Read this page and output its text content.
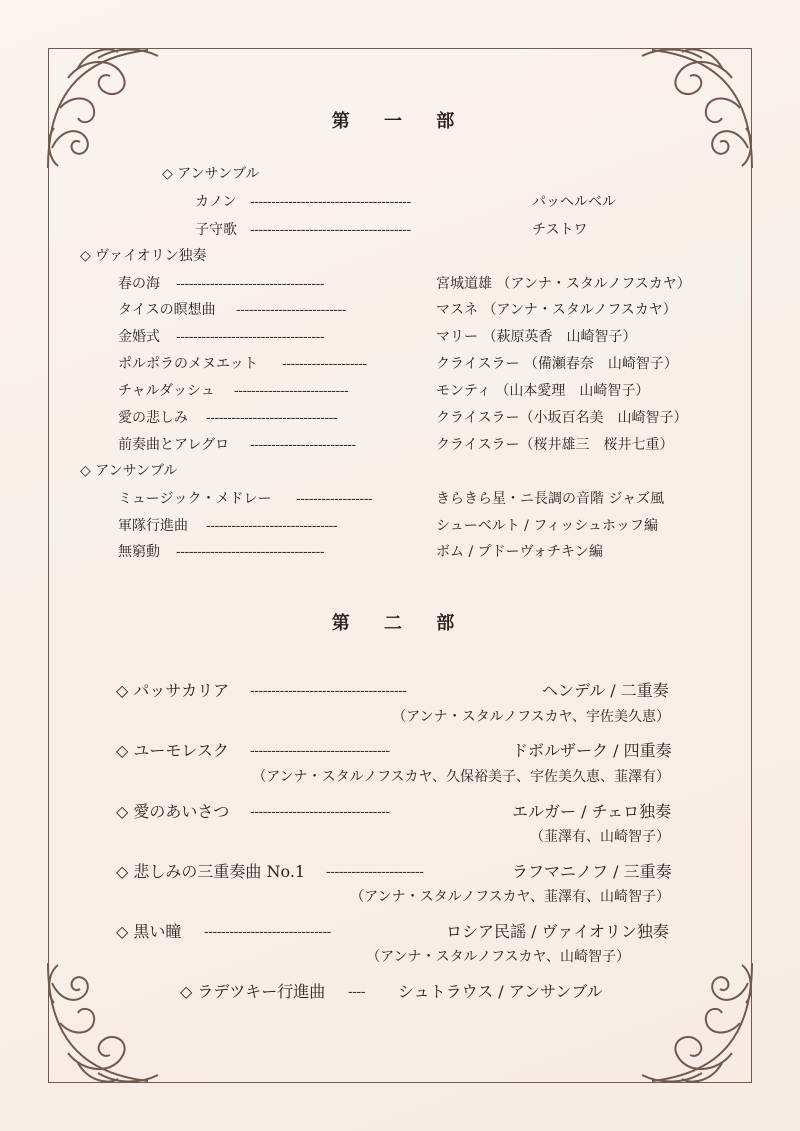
第 一 部
◇ アンサンブル
カノン --------------------------------------	パッヘルベル
子守歌 --------------------------------------	チストワ
◇ ヴァイオリン独奏
春の海 -----------------------------------	宮城道雄 （アンナ・スタルノフスカヤ）
タイスの瞑想曲 --------------------------	マスネ （アンナ・スタルノフスカヤ）
金婚式 -----------------------------------	マリー （萩原英香　山崎智子）
ポルポラのメヌエット --------------------	クライスラー （備瀬春奈　山崎智子）
チャルダッシュ ---------------------------	モンティ （山本愛理　山崎智子）
愛の悲しみ -------------------------------	クライスラー（小坂百名美　山崎智子）
前奏曲とアレグロ -------------------------	クライスラー（桜井雄三　桜井七重）
◇ アンサンブル
ミュージック・メドレー ------------------	きらきら星・ニ長調の音階 ジャズ風
軍隊行進曲 -------------------------------	シューベルト / フィッシュホッフ編
無窮動 -----------------------------------	ボム / プドーヴォチキン編
第 二 部
◇ パッサカリア -------------------------------------	ヘンデル / 二重奏
（アンナ・スタルノフスカヤ、宇佐美久恵）
◇ ユーモレスク ---------------------------------	ドボルザーク / 四重奏
（アンナ・スタルノフスカヤ、久保裕美子、宇佐美久恵、韮澤有）
◇ 愛のあいさつ ---------------------------------	エルガー / チェロ独奏
（韮澤有、山崎智子）
◇ 悲しみの三重奏曲 No.1 -----------------------	ラフマニノフ / 三重奏
（アンナ・スタルノフスカヤ、韮澤有、山崎智子）
◇ 黒い瞳 ------------------------------	ロシア民謡 / ヴァイオリン独奏
（アンナ・スタルノフスカヤ、山崎智子）
◇ ラデツキー行進曲 ---- シュトラウス / アンサンブル
